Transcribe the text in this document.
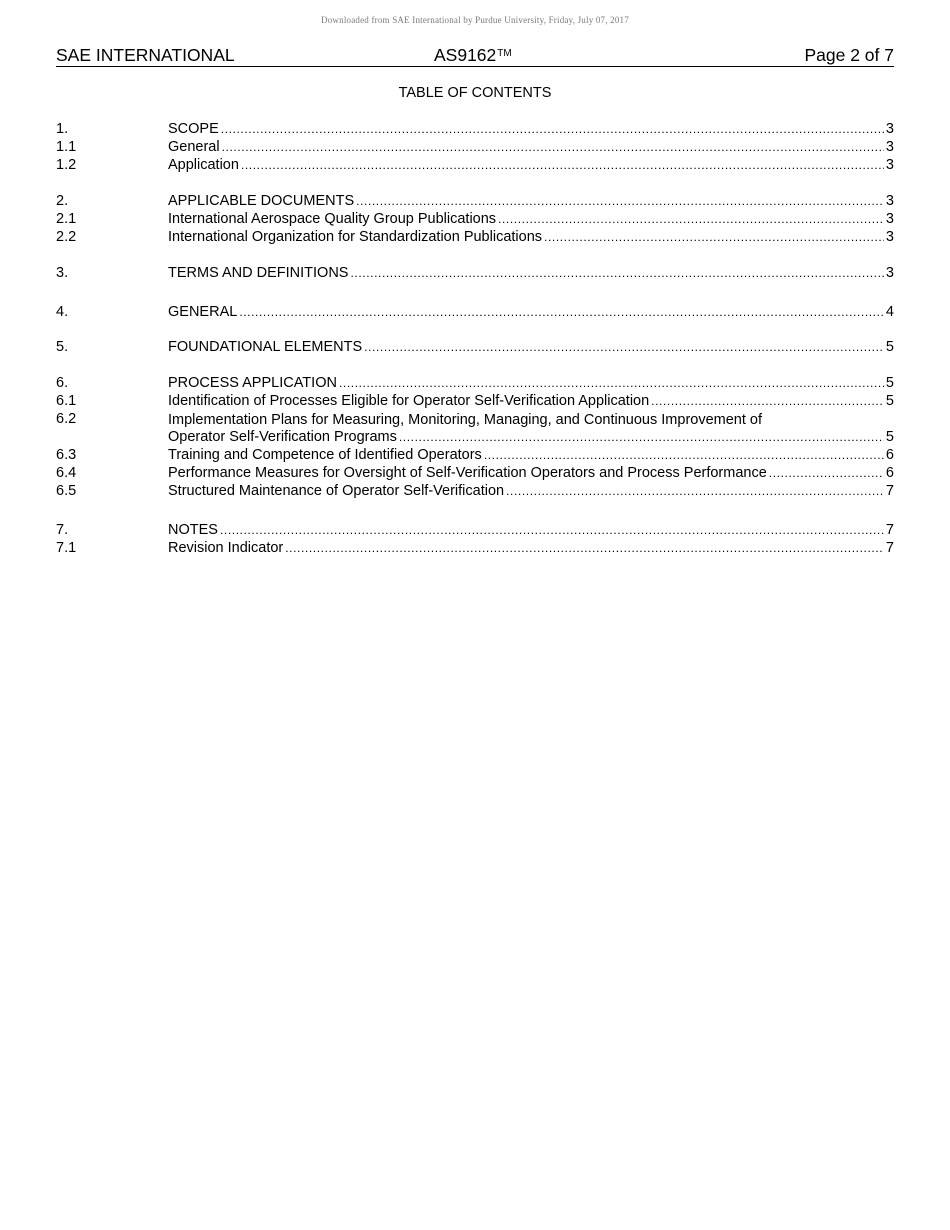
Downloaded from SAE International by Purdue University, Friday, July 07, 2017
SAE INTERNATIONAL	AS9162™	Page 2 of 7
TABLE OF CONTENTS
1.	SCOPE .....	3
1.1	General .....	3
1.2	Application .....	3
2.	APPLICABLE DOCUMENTS .....	3
2.1	International Aerospace Quality Group Publications .....	3
2.2	International Organization for Standardization Publications .....	3
3.	TERMS AND DEFINITIONS .....	3
4.	GENERAL .....	4
5.	FOUNDATIONAL ELEMENTS .....	5
6.	PROCESS APPLICATION .....	5
6.1	Identification of Processes Eligible for Operator Self-Verification Application .....	5
6.2	Implementation Plans for Measuring, Monitoring, Managing, and Continuous Improvement of
Operator Self-Verification Programs .....	5
6.3	Training and Competence of Identified Operators .....	6
6.4	Performance Measures for Oversight of Self-Verification Operators and Process Performance .....	6
6.5	Structured Maintenance of Operator Self-Verification .....	7
7.	NOTES .....	7
7.1	Revision Indicator .....	7
